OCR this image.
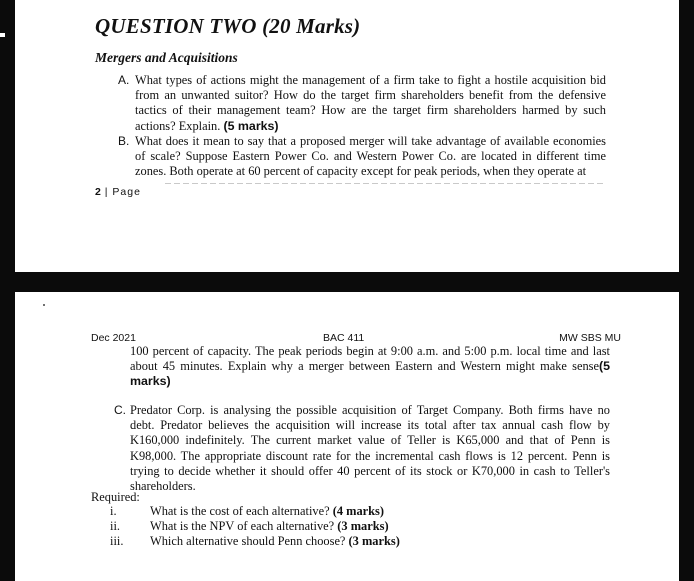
QUESTION TWO (20 Marks)
Mergers and Acquisitions
A. What types of actions might the management of a firm take to fight a hostile acquisition bid from an unwanted suitor? How do the target firm shareholders benefit from the defensive tactics of their management team? How are the target firm shareholders harmed by such actions? Explain. (5 marks)
B. What does it mean to say that a proposed merger will take advantage of available economies of scale? Suppose Eastern Power Co. and Western Power Co. are located in different time zones. Both operate at 60 percent of capacity except for peak periods, when they operate at
2 | Page
Dec 2021	BAC 411	MW SBS MU
100 percent of capacity. The peak periods begin at 9:00 a.m. and 5:00 p.m. local time and last about 45 minutes. Explain why a merger between Eastern and Western might make sense(5 marks)
C. Predator Corp. is analysing the possible acquisition of Target Company. Both firms have no debt. Predator believes the acquisition will increase its total after tax annual cash flow by K160,000 indefinitely. The current market value of Teller is K65,000 and that of Penn is K98,000. The appropriate discount rate for the incremental cash flows is 12 percent. Penn is trying to decide whether it should offer 40 percent of its stock or K70,000 in cash to Teller's shareholders.
Required:
i.	What is the cost of each alternative? (4 marks)
ii. What is the NPV of each alternative? (3 marks)
iii. Which alternative should Penn choose? (3 marks)
